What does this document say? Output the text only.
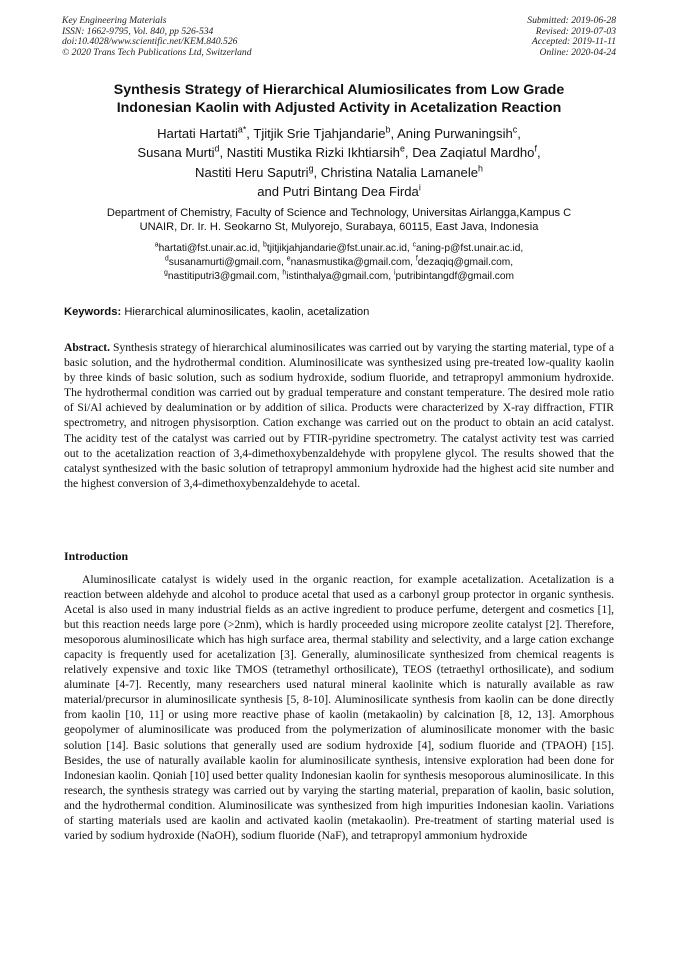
Key Engineering Materials
ISSN: 1662-9795, Vol. 840, pp 526-534
doi:10.4028/www.scientific.net/KEM.840.526
© 2020 Trans Tech Publications Ltd, Switzerland
Submitted: 2019-06-28
Revised: 2019-07-03
Accepted: 2019-11-11
Online: 2020-04-24
Synthesis Strategy of Hierarchical Alumiosilicates from Low Grade
Indonesian Kaolin with Adjusted Activity in Acetalization Reaction
Hartati Hartati$^{a*}$, Tjitjik Srie Tjahjandarie$^b$, Aning Purwaningsih$^c$,
Susana Murti$^d$, Nastiti Mustika Rizki Ikhtiarsih$^e$, Dea Zaqiatul Mardho$^f$,
Nastiti Heru Saputri$^g$, Christina Natalia Lamanele$^h$
and Putri Bintang Dea Firda$^i$
Department of Chemistry, Faculty of Science and Technology, Universitas Airlangga,Kampus C
UNAIR, Dr. Ir. H. Seokarno St, Mulyorejo, Surabaya, 60115, East Java, Indonesia
$^a$hartati@fst.unair.ac.id, $^b$tjitjikjahjandarie@fst.unair.ac.id, $^c$aning-p@fst.unair.ac.id,
$^d$susanamurti@gmail.com, $^e$nanasmustika@gmail.com, $^f$dezaqiq@gmail.com,
$^g$nastitiputri3@gmail.com, $^h$istinthalya@gmail.com, $^i$putribintangdf@gmail.com
Keywords: Hierarchical aluminosilicates, kaolin, acetalization
Abstract. Synthesis strategy of hierarchical aluminosilicates was carried out by varying the starting material, type of a basic solution, and the hydrothermal condition. Aluminosilicate was synthesized using pre-treated low-quality kaolin by three kinds of basic solution, such as sodium hydroxide, sodium fluoride, and tetrapropyl ammonium hydroxide. The hydrothermal condition was carried out by gradual temperature and constant temperature. The desired mole ratio of Si/Al achieved by dealumination or by addition of silica. Products were characterized by X-ray diffraction, FTIR spectrometry, and nitrogen physisorption. Cation exchange was carried out on the product to obtain an acid catalyst. The acidity test of the catalyst was carried out by FTIR-pyridine spectrometry. The catalyst activity test was carried out to the acetalization reaction of 3,4-dimethoxybenzaldehyde with propylene glycol. The results showed that the catalyst synthesized with the basic solution of tetrapropyl ammonium hydroxide had the highest acid site number and the highest conversion of 3,4-dimethoxybenzaldehyde to acetal.
Introduction
Aluminosilicate catalyst is widely used in the organic reaction, for example acetalization. Acetalization is a reaction between aldehyde and alcohol to produce acetal that used as a carbonyl group protector in organic synthesis. Acetal is also used in many industrial fields as an active ingredient to produce perfume, detergent and cosmetics [1], but this reaction needs large pore (>2nm), which is hardly proceeded using micropore zeolite catalyst [2]. Therefore, mesoporous aluminosilicate which has high surface area, thermal stability and selectivity, and a large cation exchange capacity is frequently used for acetalization [3]. Generally, aluminosilicate synthesized from chemical reagents is relatively expensive and toxic like TMOS (tetramethyl orthosilicate), TEOS (tetraethyl orthosilicate), and sodium aluminate [4-7]. Recently, many researchers used natural mineral kaolinite which is naturally available as raw material/precursor in aluminosilicate synthesis [5, 8-10]. Aluminosilicate synthesis from kaolin can be done directly from kaolin [10, 11] or using more reactive phase of kaolin (metakaolin) by calcination [8, 12, 13]. Amorphous geopolymer of aluminosilicate was produced from the polymerization of aluminosilicate monomer with the basic solution [14]. Basic solutions that generally used are sodium hydroxide [4], sodium fluoride and (TPAOH) [15]. Besides, the use of naturally available kaolin for aluminosilicate synthesis, intensive exploration had been done for Indonesian kaolin. Qoniah [10] used better quality Indonesian kaolin for synthesis mesoporous aluminosilicate. In this research, the synthesis strategy was carried out by varying the starting material, preparation of kaolin, basic solution, and the hydrothermal condition. Aluminosilicate was synthesized from high impurities Indonesian kaolin. Variations of starting materials used are kaolin and activated kaolin (metakaolin). Pre-treatment of starting material used is varied by sodium hydroxide (NaOH), sodium fluoride (NaF), and tetrapropyl ammonium hydroxide
